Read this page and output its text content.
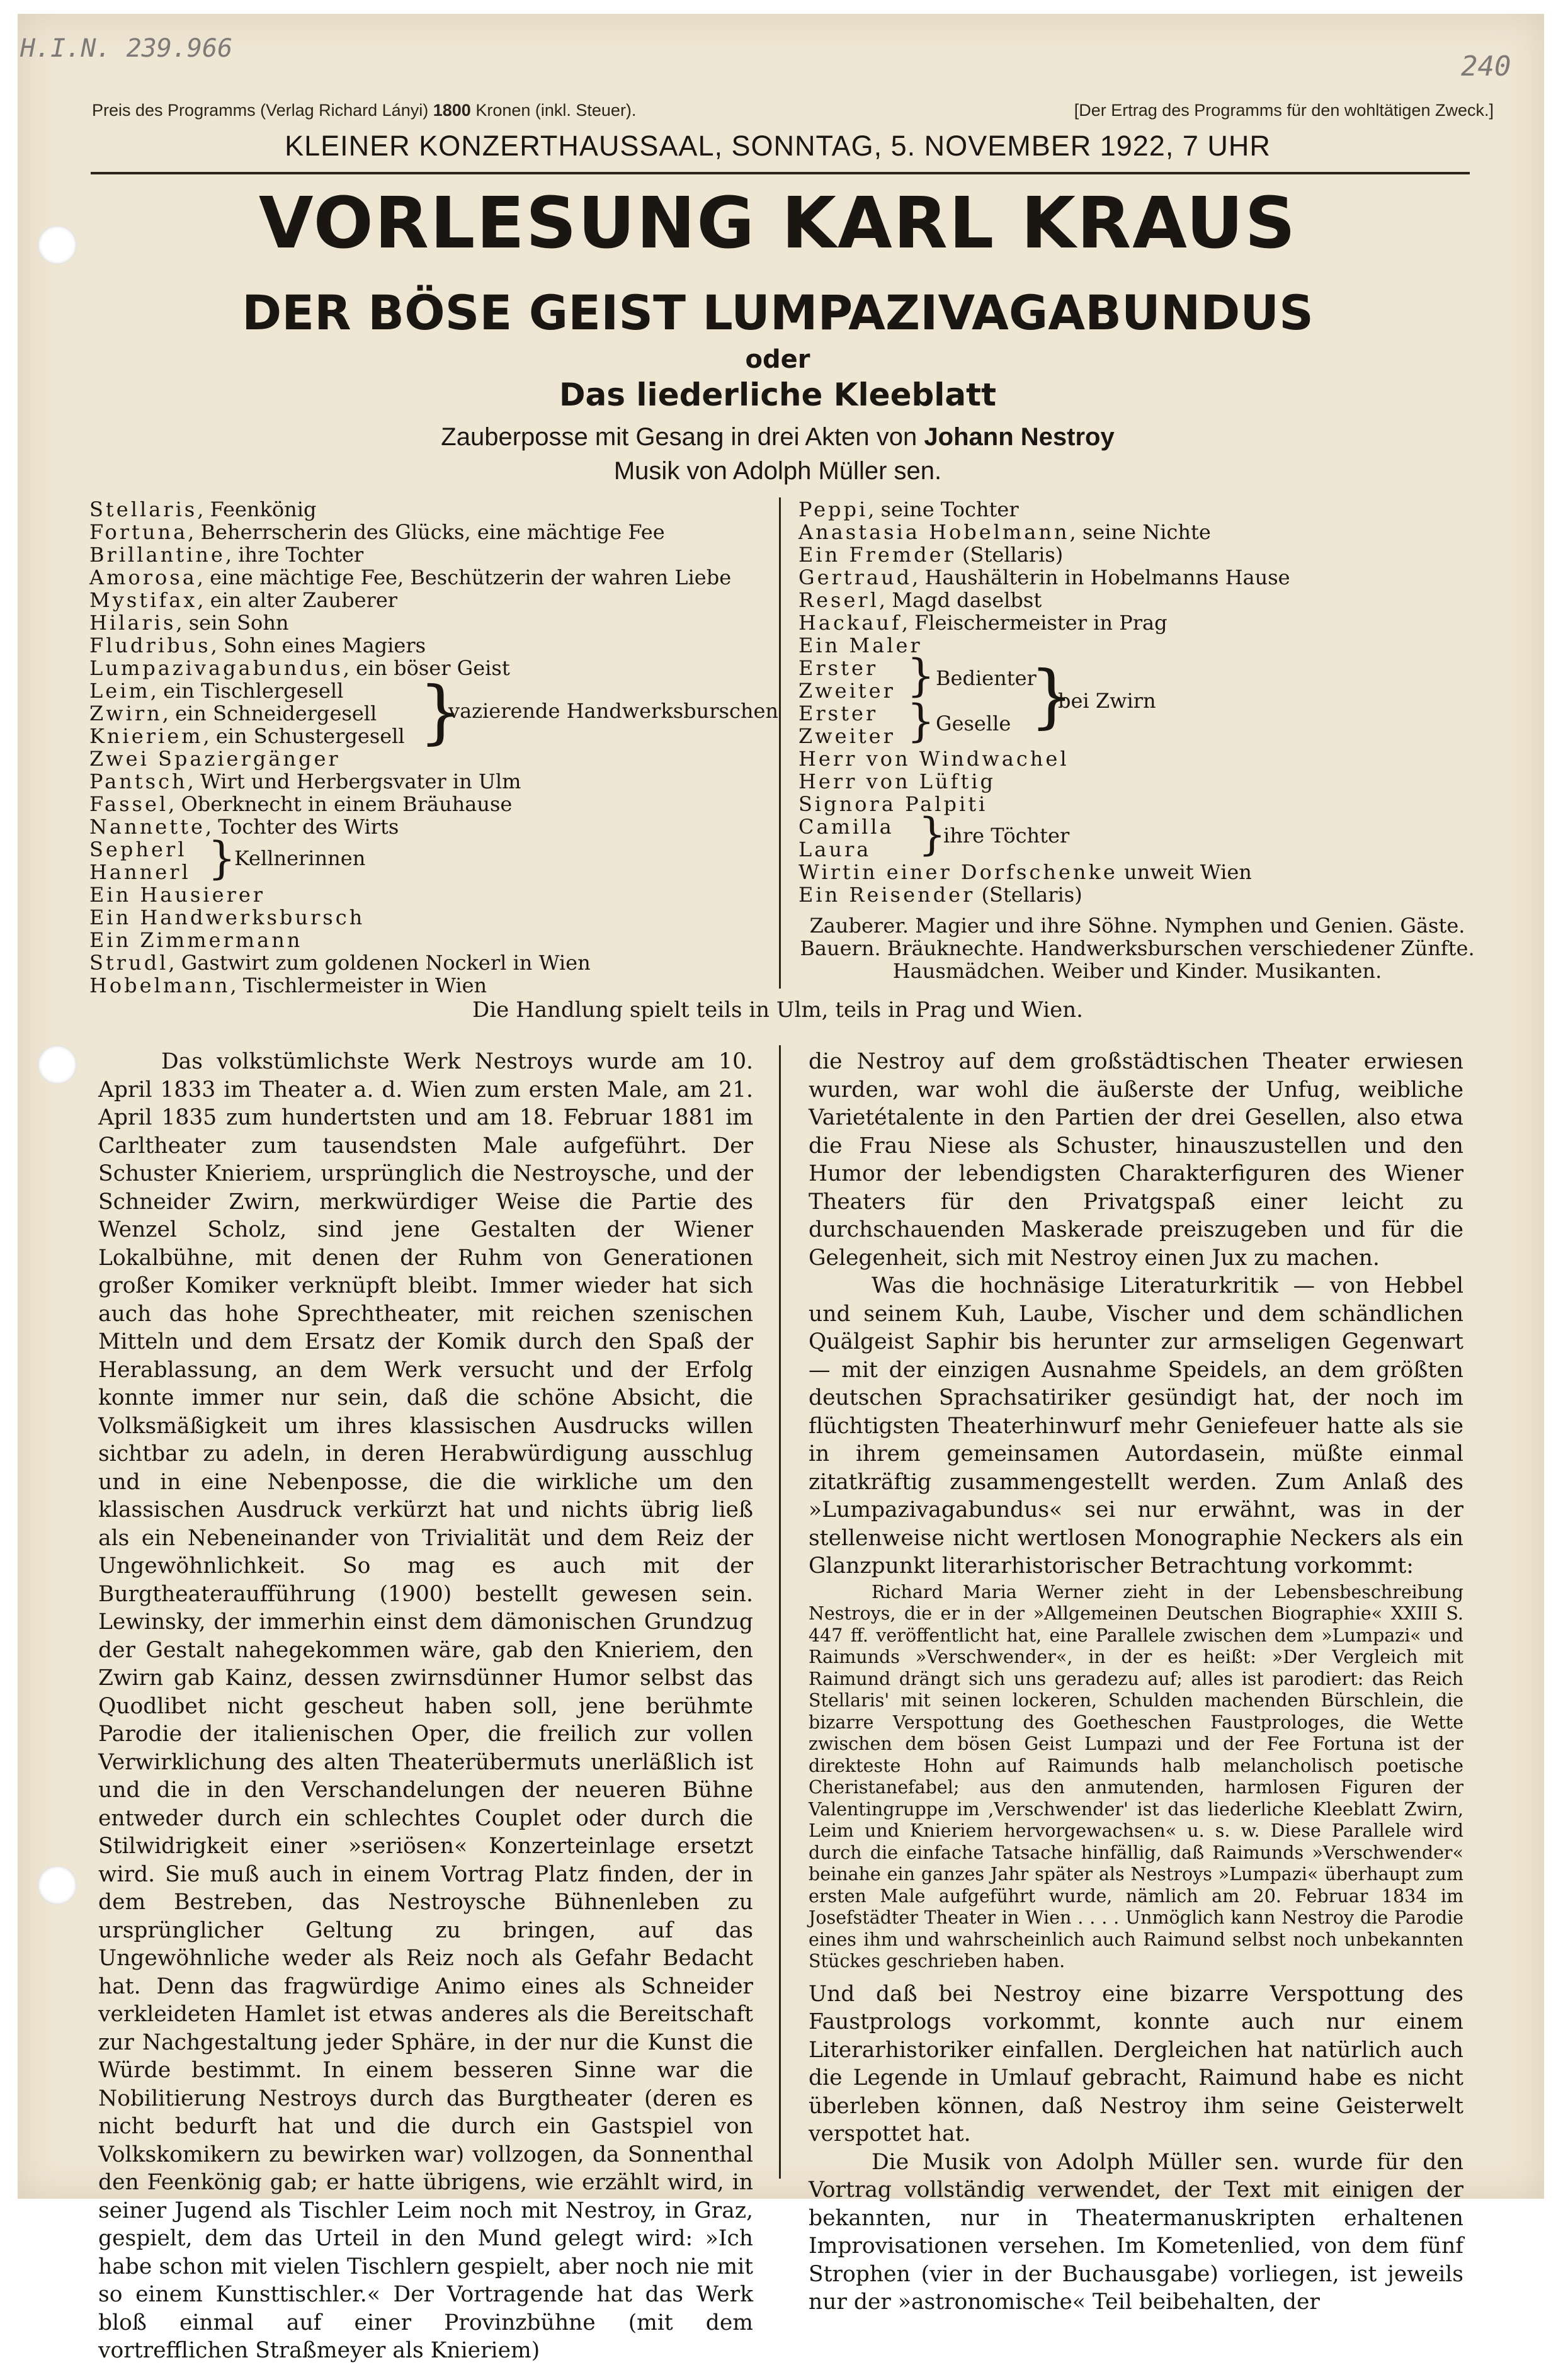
H.I.N. 239.966
240
Preis des Programms (Verlag Richard Lányi) 1800 Kronen (inkl. Steuer).	[Der Ertrag des Programms für den wohltätigen Zweck.]
KLEINER KONZERTHAUSSAAL, SONNTAG, 5. NOVEMBER 1922, 7 UHR
VORLESUNG KARL KRAUS
DER BÖSE GEIST LUMPAZIVAGABUNDUS
oder
Das liederliche Kleeblatt
Zauberposse mit Gesang in drei Akten von Johann Nestroy
Musik von Adolph Müller sen.
Stellaris, Feenkönig
Fortuna, Beherrscherin des Glücks, eine mächtige Fee
Brillantine, ihre Tochter
Amorosa, eine mächtige Fee, Beschützerin der wahren Liebe
Mystifax, ein alter Zauberer
Hilaris, sein Sohn
Fludribus, Sohn eines Magiers
Lumpazivagabundus, ein böser Geist
Leim, ein Tischlergesell
Zwirn, ein Schneidergesell
Knieriem, ein Schustergesell
Zwei Spaziergänger
Pantsch, Wirt und Herbergsvater in Ulm
Fassel, Oberknecht in einem Bräuhause
Nannette, Tochter des Wirts
Sepherl
Hannerl
Ein Hausierer
Ein Handwerksbursch
Ein Zimmermann
Strudl, Gastwirt zum goldenen Nockerl in Wien
Hobelmann, Tischlermeister in Wien
}
vazierende Handwerksburschen
}
Kellnerinnen
Peppi, seine Tochter
Anastasia Hobelmann, seine Nichte
Ein Fremder (Stellaris)
Gertraud, Haushälterin in Hobelmanns Hause
Reserl, Magd daselbst
Hackauf, Fleischermeister in Prag
Ein Maler
Erster
Zweiter
Erster
Zweiter
Herr von Windwachel
Herr von Lüftig
Signora Palpiti
Camilla
Laura
Wirtin einer Dorfschenke unweit Wien
Ein Reisender (Stellaris)
} Bedienter
} Geselle }
bei Zwirn
}
ihre Töchter
Zauberer. Magier und ihre Söhne. Nymphen und Genien. Gäste.
Bauern. Bräuknechte. Handwerksburschen verschiedener Zünfte.
Hausmädchen. Weiber und Kinder. Musikanten.
Die Handlung spielt teils in Ulm, teils in Prag und Wien.

Das volkstümlichste Werk Nestroys wurde am 10. April 1833 im Theater a. d. Wien zum ersten Male, am 21. April 1835 zum hundertsten und am 18. Februar 1881 im Carltheater zum tausendsten Male aufgeführt. Der Schuster Knieriem, ursprünglich die Nestroysche, und der Schneider Zwirn, merkwürdiger Weise die Partie des Wenzel Scholz, sind jene Gestalten der Wiener Lokalbühne, mit denen der Ruhm von Generationen großer Komiker verknüpft bleibt. Immer wieder hat sich auch das hohe Sprechtheater, mit reichen szenischen Mitteln und dem Ersatz der Komik durch den Spaß der Herablassung, an dem Werk versucht und der Erfolg konnte immer nur sein, daß die schöne Absicht, die Volksmäßigkeit um ihres klassischen Ausdrucks willen sichtbar zu adeln, in deren Herabwürdigung ausschlug und in eine Nebenposse, die die wirkliche um den klassischen Ausdruck verkürzt hat und nichts übrig ließ als ein Nebeneinander von Trivialität und dem Reiz der Ungewöhnlichkeit. So mag es auch mit der Burgtheateraufführung (1900) bestellt gewesen sein. Lewinsky, der immerhin einst dem dämonischen Grundzug der Gestalt nahegekommen wäre, gab den Knieriem, den Zwirn gab Kainz, dessen zwirnsdünner Humor selbst das Quodlibet nicht gescheut haben soll, jene berühmte Parodie der italienischen Oper, die freilich zur vollen Verwirklichung des alten Theaterübermuts unerläßlich ist und die in den Verschandelungen der neueren Bühne entweder durch ein schlechtes Couplet oder durch die Stilwidrigkeit einer »seriösen« Konzerteinlage ersetzt wird. Sie muß auch in einem Vortrag Platz finden, der in dem Bestreben, das Nestroysche Bühnenleben zu ursprünglicher Geltung zu bringen, auf das Ungewöhnliche weder als Reiz noch als Gefahr Bedacht hat. Denn das fragwürdige Animo eines als Schneider verkleideten Hamlet ist etwas anderes als die Bereitschaft zur Nachgestaltung jeder Sphäre, in der nur die Kunst die Würde bestimmt. In einem besseren Sinne war die Nobilitierung Nestroys durch das Burgtheater (deren es nicht bedurft hat und die durch ein Gastspiel von Volkskomikern zu bewirken war) vollzogen, da Sonnenthal den Feenkönig gab; er hatte übrigens, wie erzählt wird, in seiner Jugend als Tischler Leim noch mit Nestroy, in Graz, gespielt, dem das Urteil in den Mund gelegt wird: »Ich habe schon mit vielen Tischlern gespielt, aber noch nie mit so einem Kunsttischler.« Der Vortragende hat das Werk bloß einmal auf einer Provinzbühne (mit dem vortrefflichen Straßmeyer als Knieriem)

die Nestroy auf dem großstädtischen Theater erwiesen wurden, war wohl die äußerste der Unfug, weibliche Varietétalente in den Partien der drei Gesellen, also etwa die Frau Niese als Schuster, hinauszustellen und den Humor der lebendigsten Charakterfiguren des Wiener Theaters für den Privatgspaß einer leicht zu durchschauenden Maskerade preiszugeben und für die Gelegenheit, sich mit Nestroy einen Jux zu machen.

Was die hochnäsige Literaturkritik — von Hebbel und seinem Kuh, Laube, Vischer und dem schändlichen Quälgeist Saphir bis herunter zur armseligen Gegenwart — mit der einzigen Ausnahme Speidels, an dem größten deutschen Sprachsatiriker gesündigt hat, der noch im flüchtigsten Theaterhinwurf mehr Geniefeuer hatte als sie in ihrem gemeinsamen Autordasein, müßte einmal zitatkräftig zusammengestellt werden. Zum Anlaß des »Lumpazivagabundus« sei nur erwähnt, was in der stellenweise nicht wertlosen Monographie Neckers als ein Glanzpunkt literarhistorischer Betrachtung vorkommt:

Richard Maria Werner zieht in der Lebensbeschreibung Nestroys, die er in der »Allgemeinen Deutschen Biographie« XXIII S. 447 ff. veröffentlicht hat, eine Parallele zwischen dem »Lumpazi« und Raimunds »Verschwender«, in der es heißt: »Der Vergleich mit Raimund drängt sich uns geradezu auf; alles ist parodiert: das Reich Stellaris' mit seinen lockeren, Schulden machenden Bürschlein, die bizarre Verspottung des Goetheschen Faustprologes, die Wette zwischen dem bösen Geist Lumpazi und der Fee Fortuna ist der direkteste Hohn auf Raimunds halb melancholisch poetische Cheristanefabel; aus den anmutenden, harmlosen Figuren der Valentingruppe im ,Verschwender' ist das liederliche Kleeblatt Zwirn, Leim und Knieriem hervorgewachsen« u. s. w. Diese Parallele wird durch die einfache Tatsache hinfällig, daß Raimunds »Verschwender« beinahe ein ganzes Jahr später als Nestroys »Lumpazi« überhaupt zum ersten Male aufgeführt wurde, nämlich am 20. Februar 1834 im Josefstädter Theater in Wien . . . . Unmöglich kann Nestroy die Parodie eines ihm und wahrscheinlich auch Raimund selbst noch unbekannten Stückes geschrieben haben.

Und daß bei Nestroy eine bizarre Verspottung des Faustprologs vorkommt, konnte auch nur einem Literarhistoriker einfallen. Dergleichen hat natürlich auch die Legende in Umlauf gebracht, Raimund habe es nicht überleben können, daß Nestroy ihm seine Geisterwelt verspottet hat.

Die Musik von Adolph Müller sen. wurde für den Vortrag vollständig verwendet, der Text mit einigen der bekannten, nur in Theatermanuskripten erhaltenen Improvisationen versehen. Im Kometenlied, von dem fünf Strophen (vier in der Buchausgabe) vorliegen, ist jeweils nur der »astronomische« Teil beibehalten, der
